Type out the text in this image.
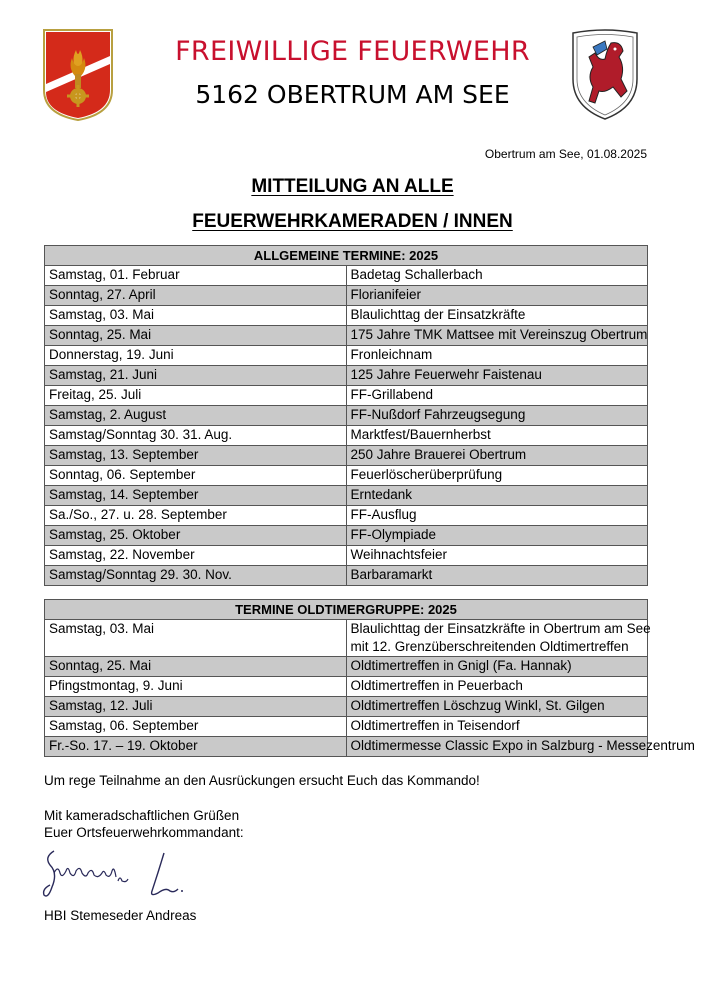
FREIWILLIGE FEUERWEHR
5162 OBERTRUM AM SEE
Obertrum am See, 01.08.2025
MITTEILUNG AN ALLE
FEUERWEHRKAMERADEN / INNEN
ALLGEMEINE TERMINE: 2025	
Samstag, 01. Februar	Badetag Schallerbach
Sonntag, 27. April	Florianifeier
Samstag, 03. Mai	Blaulichttag der Einsatzkräfte
Sonntag, 25. Mai	175 Jahre TMK Mattsee mit Vereinszug Obertrum
Donnerstag, 19. Juni	Fronleichnam
Samstag, 21. Juni	125 Jahre Feuerwehr Faistenau
Freitag, 25. Juli	FF-Grillabend
Samstag, 2. August	FF-Nußdorf Fahrzeugsegung
Samstag/Sonntag 30. 31. Aug.	Marktfest/Bauernherbst
Samstag, 13. September	250 Jahre Brauerei Obertrum
Sonntag, 06. September	Feuerlöscherüberprüfung
Samstag, 14. September	Erntedank
Sa./So., 27. u. 28. September	FF-Ausflug
Samstag, 25. Oktober	FF-Olympiade
Samstag, 22. November	Weihnachtsfeier
Samstag/Sonntag 29. 30. Nov.	Barbaramarkt
TERMINE OLDTIMERGRUPPE: 2025	
Samstag, 03. Mai	Blaulichttag der Einsatzkräfte in Obertrum am See
mit 12. Grenzüberschreitenden Oldtimertreffen

Sonntag, 25. Mai	Oldtimertreffen in Gnigl (Fa. Hannak)
Pfingstmontag, 9. Juni	Oldtimertreffen in Peuerbach
Samstag, 12. Juli	Oldtimertreffen Löschzug Winkl, St. Gilgen
Samstag, 06. September	Oldtimertreffen in Teisendorf
Fr.-So. 17. – 19. Oktober	Oldtimermesse Classic Expo in Salzburg - Messezentrum
Um rege Teilnahme an den Ausrückungen ersucht Euch das Kommando!
Mit kameradschaftlichen Grüßen
Euer Ortsfeuerwehrkommandant:
HBI Stemeseder Andreas
